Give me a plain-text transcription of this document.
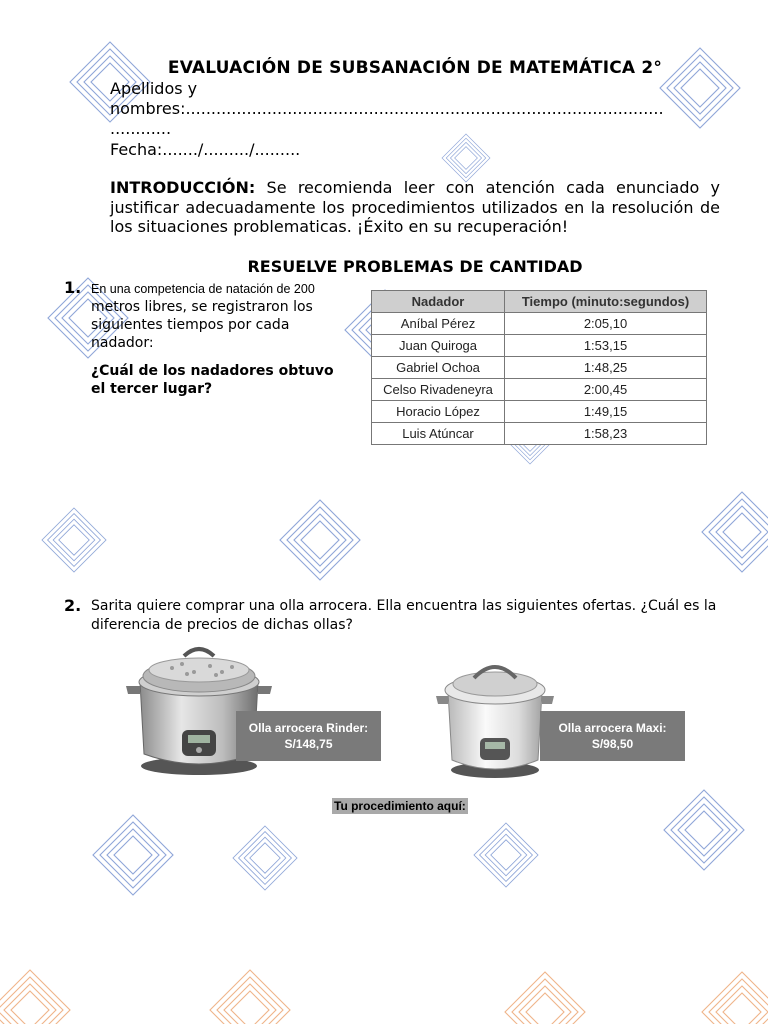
EVALUACIÓN DE SUBSANACIÓN DE MATEMÁTICA 2°
Apellidos y
nombres:..............................................................................................
............
Fecha:......./........./.........
INTRODUCCIÓN: Se recomienda leer con atención cada enunciado y justificar adecuadamente los procedimientos utilizados en la resolución de los situaciones problematicas. ¡Éxito en su recuperación!
RESUELVE PROBLEMAS DE CANTIDAD
1. En una competencia de natación de 200
metros libres, se registraron los siguientes tiempos por cada nadador:
¿Cuál de los nadadores obtuvo el tercer lugar?
Nadador	Tiempo (minuto:segundos)
Aníbal Pérez	2:05,10
Juan Quiroga	1:53,15
Gabriel Ochoa	1:48,25
Celso Rivadeneyra	2:00,45
Horacio López	1:49,15
Luis Atúncar	1:58,23
2. Sarita quiere comprar una olla arrocera. Ella encuentra las siguientes ofertas. ¿Cuál es la diferencia de precios de dichas ollas?
Olla arrocera Rinder:
S/148,75
Olla arrocera Maxi:
S/98,50
Tu procedimiento aquí:
